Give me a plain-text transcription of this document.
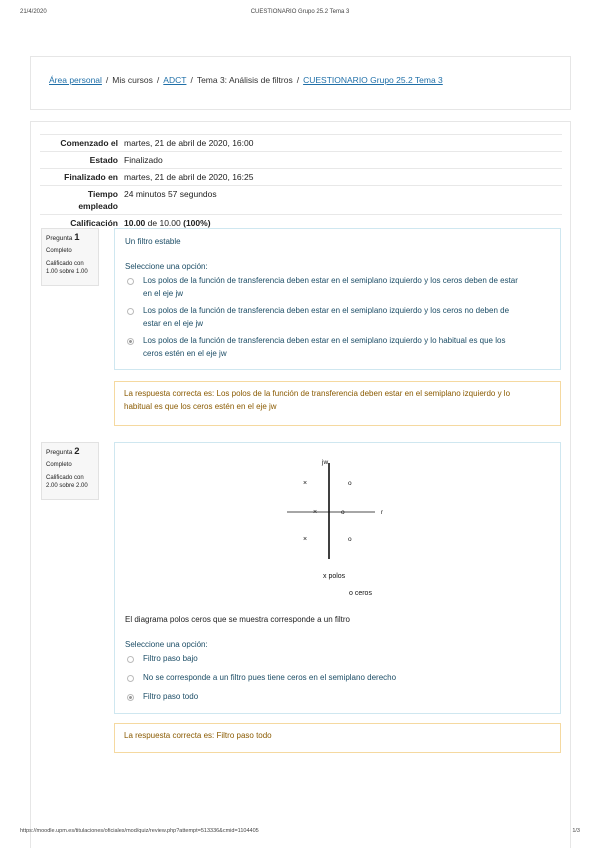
21/4/2020	CUESTIONARIO Grupo 25.2 Tema 3
Área personal / Mis cursos / ADCT / Tema 3: Análisis de filtros / CUESTIONARIO Grupo 25.2 Tema 3
Comenzado el martes, 21 de abril de 2020, 16:00
Estado Finalizado
Finalizado en martes, 21 de abril de 2020, 16:25
Tiempo
empleado
24 minutos 57 segundos
Calificación 10.00 de 10.00 (100%)
Pregunta 1

Completo

Calificado con
1.00 sobre 1.00

Un filtro estable
Seleccione una opción:
Los polos de la función de transferencia deben estar en el semiplano izquierdo y los ceros deben de estar
en el eje jw
Los polos de la función de transferencia deben estar en el semiplano izquierdo y los ceros no deben de
estar en el eje jw
Los polos de la función de transferencia deben estar en el semiplano izquierdo y lo habitual es que los
ceros estén en el eje jw
La respuesta correcta es: Los polos de la función de transferencia deben estar en el semiplano izquierdo y lo
habitual es que los ceros estén en el eje jw
Pregunta 2

Completo

Calificado con
2.00 sobre 2.00

jw
r
×
×
×
o
o
o
x polos
o ceros
El diagrama polos ceros que se muestra corresponde a un filtro
Seleccione una opción:
Filtro paso bajo
No se corresponde a un filtro pues tiene ceros en el semiplano derecho
Filtro paso todo
La respuesta correcta es: Filtro paso todo
https://moodle.upm.es/titulaciones/oficiales/mod/quiz/review.php?attempt=513336&cmid=1104405	1/3
